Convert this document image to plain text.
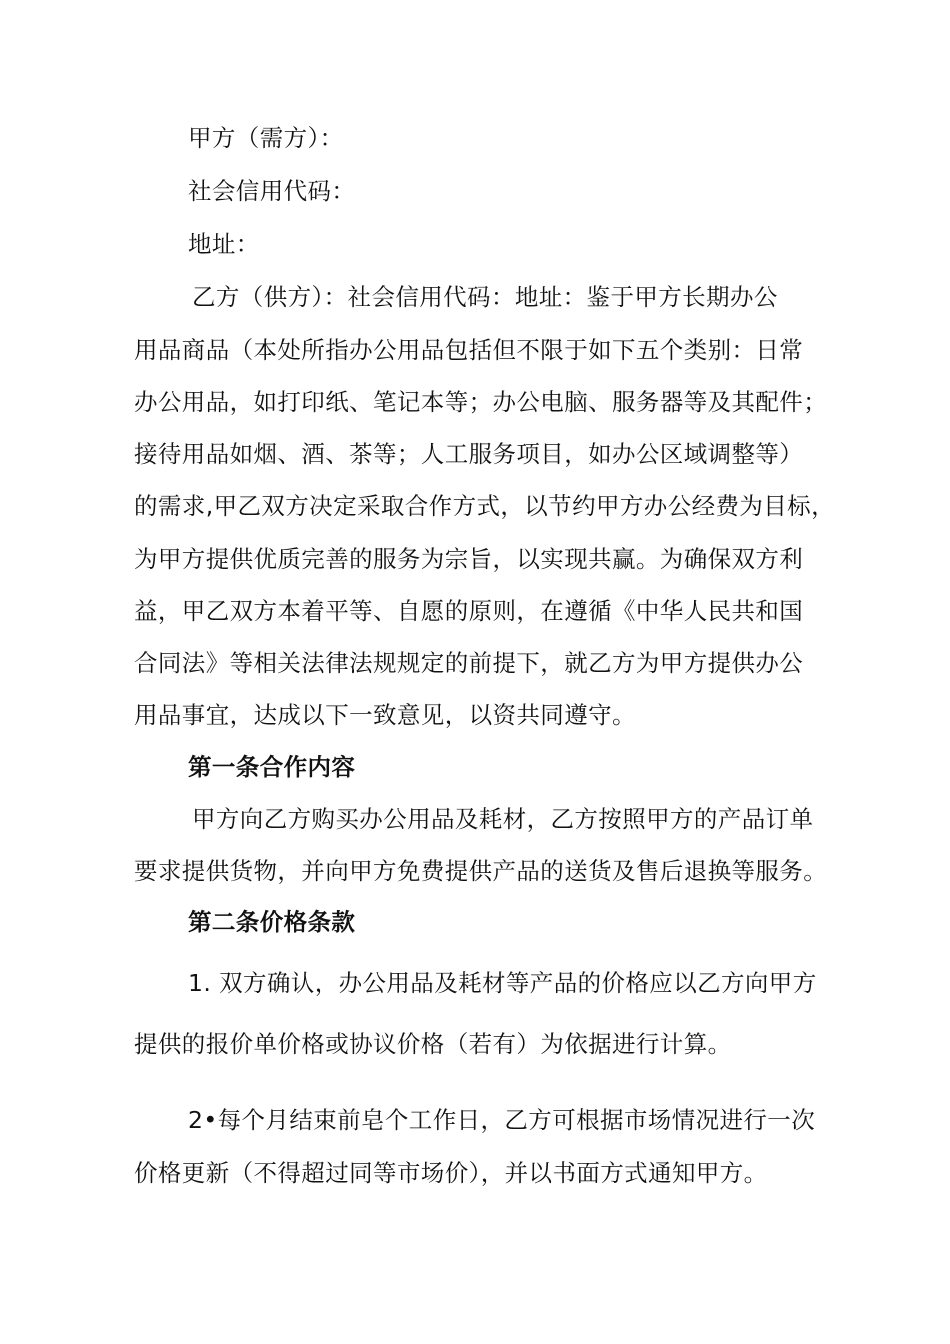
甲方（需方）：
社会信用代码：
地址：
乙方（供方）：社会信用代码：地址：鉴于甲方长期办公
用品商品（本处所指办公用品包括但不限于如下五个类别：日常
办公用品，如打印纸、笔记本等；办公电脑、服务器等及其配件；
接待用品如烟、酒、茶等；人工服务项目，如办公区域调整等）
的需求,甲乙双方决定采取合作方式，以节约甲方办公经费为目标，
为甲方提供优质完善的服务为宗旨，以实现共赢。为确保双方利
益，甲乙双方本着平等、自愿的原则，在遵循《中华人民共和国
合同法》等相关法律法规规定的前提下，就乙方为甲方提供办公
用品事宜，达成以下一致意见，以资共同遵守。
第一条合作内容
甲方向乙方购买办公用品及耗材，乙方按照甲方的产品订单
要求提供货物，并向甲方免费提供产品的送货及售后退换等服务。
第二条价格条款
1. 双方确认，办公用品及耗材等产品的价格应以乙方向甲方
提供的报价单价格或协议价格（若有）为依据进行计算。
2•每个月结束前皂个工作日，乙方可根据市场情况进行一次
价格更新（不得超过同等市场价），并以书面方式通知甲方。
